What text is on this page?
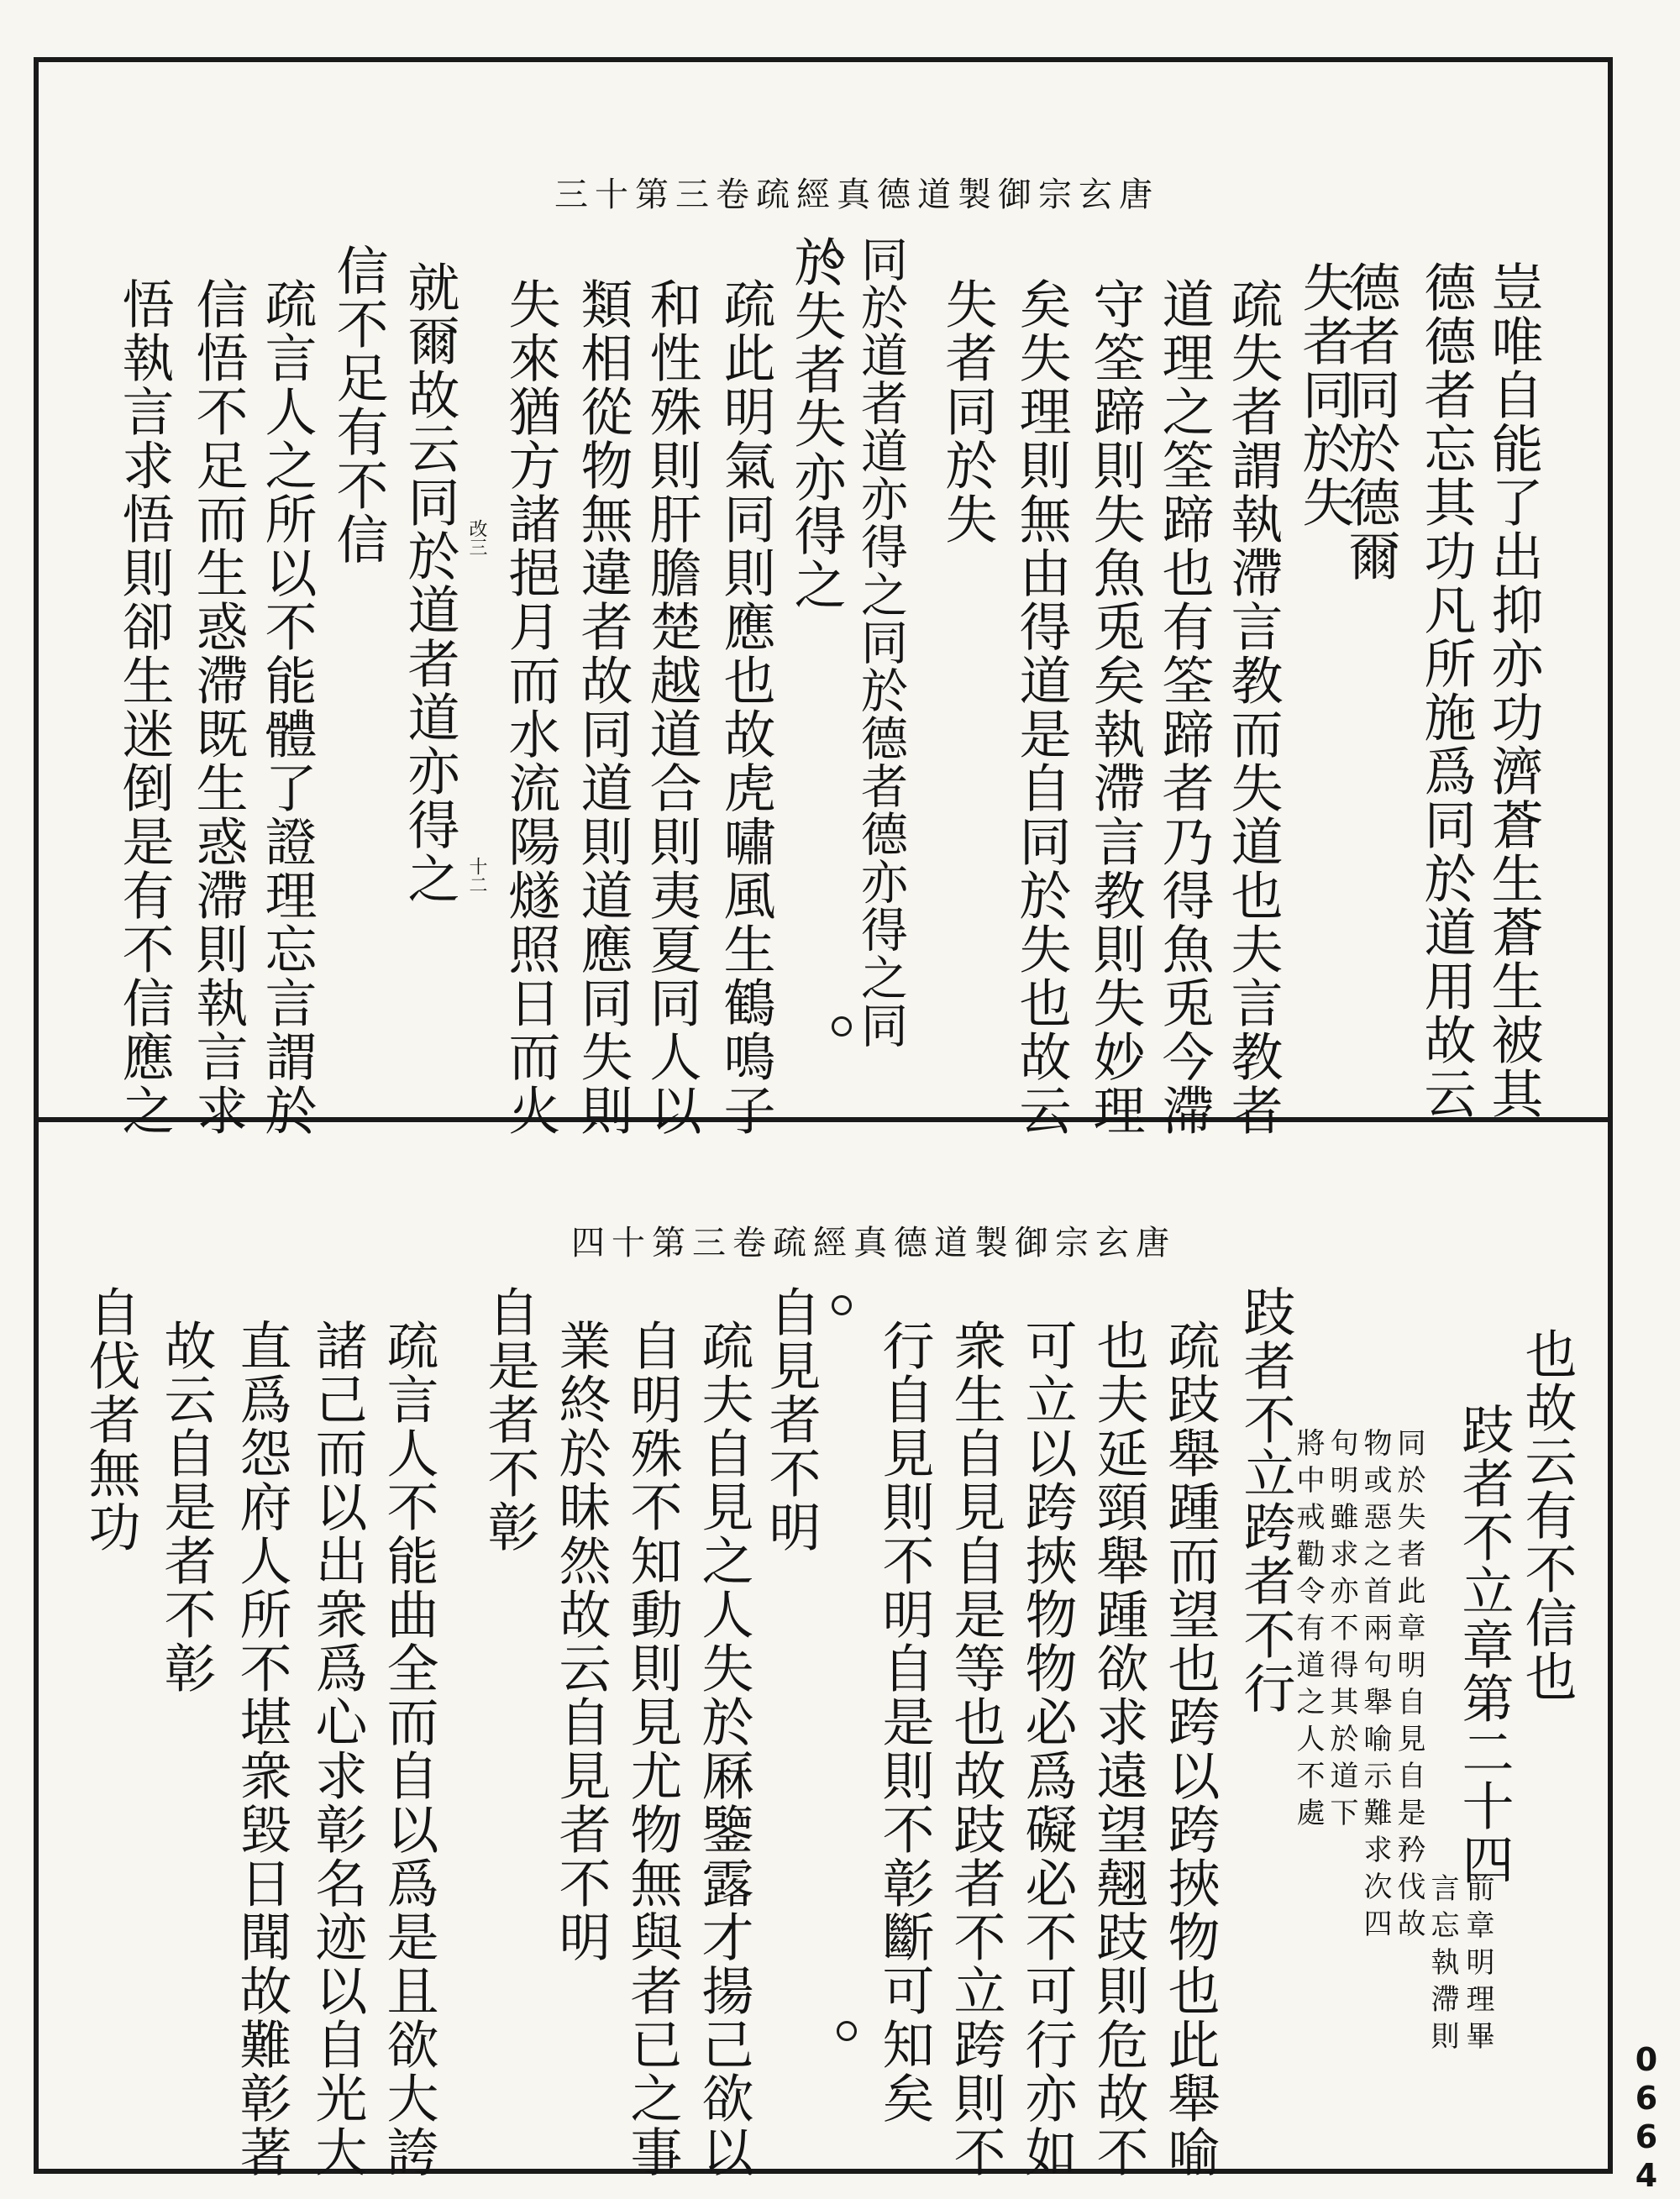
唐玄宗御製道德真經疏卷三第十三
豈唯自能了出抑亦功濟蒼生蒼生被其
德德者忘其功凡所施爲同於道用故云
德者同於德爾
失者同於失
疏失者謂執滯言教而失道也夫言教者
道理之筌蹄也有筌蹄者乃得魚兎今滯
守筌蹄則失魚兎矣執滯言教則失妙理
矣失理則無由得道是自同於失也故云
失者同於失
同於道者道亦得之同於德者德亦得之同
於失者失亦得之
疏此明氣同則應也故虎嘯風生鶴鳴子
和性殊則肝膽楚越道合則夷夏同人以
類相從物無違者故同道則道應同失則
失來猶方諸挹月而水流陽燧照日而火
就爾故云同於道者道亦得之
信不足有不信
疏言人之所以不能體了證理忘言謂於
信悟不足而生惑滯既生惑滯則執言求
悟執言求悟則卻生迷倒是有不信應之	改三
十二
唐玄宗御製道德真經疏卷三第十四
也故云有不信也
跂者不立章第二十四
前章明理畢
言忘執滯則
同於失者此章明自見自是矜伐故
物或惡之首兩句舉喻示難求次四
句明雖求亦不得其於道下
將中戒勸令有道之人不處
跂者不立跨者不行
疏跂舉踵而望也跨以跨挾物也此舉喻
也夫延頸舉踵欲求遠望翹跂則危故不
可立以跨挾物物必爲礙必不可行亦如
衆生自見自是等也故跂者不立跨則不
行自見則不明自是則不彰斷可知矣
自見者不明
疏夫自見之人失於厤鑒露才揚己欲以
自明殊不知動則見尤物無與者已之事
業終於昧然故云自見者不明
自是者不彰
疏言人不能曲全而自以爲是且欲大誇
諸己而以出衆爲心求彰名迹以自光大
直爲怨府人所不堪衆毀日聞故難彰著
故云自是者不彰
自伐者無功
0664
